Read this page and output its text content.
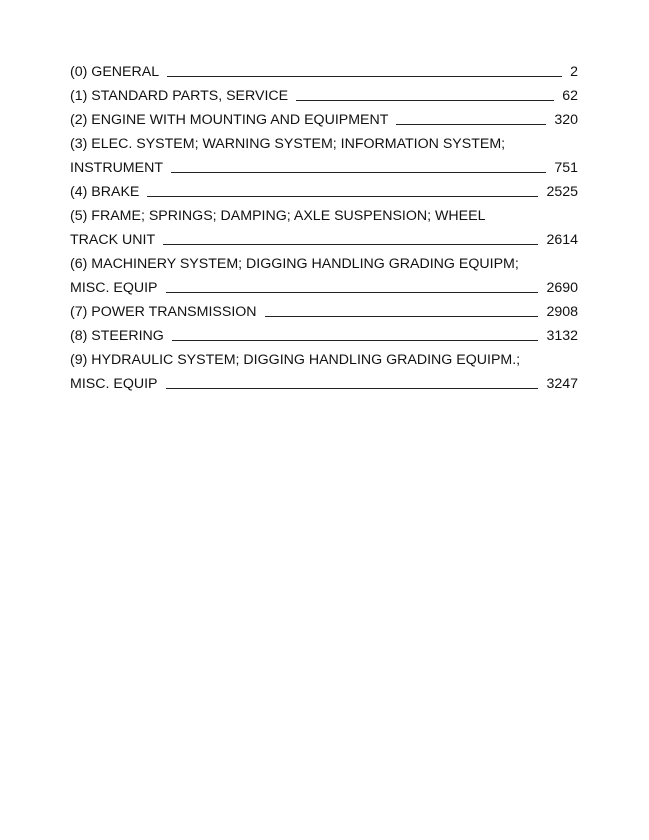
(0) GENERAL	2
(1) STANDARD PARTS, SERVICE	62
(2) ENGINE WITH MOUNTING AND EQUIPMENT	320
(3) ELEC. SYSTEM; WARNING SYSTEM; INFORMATION SYSTEM;
INSTRUMENT	751
(4) BRAKE	2525
(5) FRAME; SPRINGS; DAMPING; AXLE SUSPENSION; WHEEL
TRACK UNIT	2614
(6) MACHINERY SYSTEM; DIGGING HANDLING GRADING EQUIPM;
MISC. EQUIP	2690
(7) POWER TRANSMISSION	2908
(8) STEERING	3132
(9) HYDRAULIC SYSTEM; DIGGING HANDLING GRADING EQUIPM.;
MISC. EQUIP	3247
